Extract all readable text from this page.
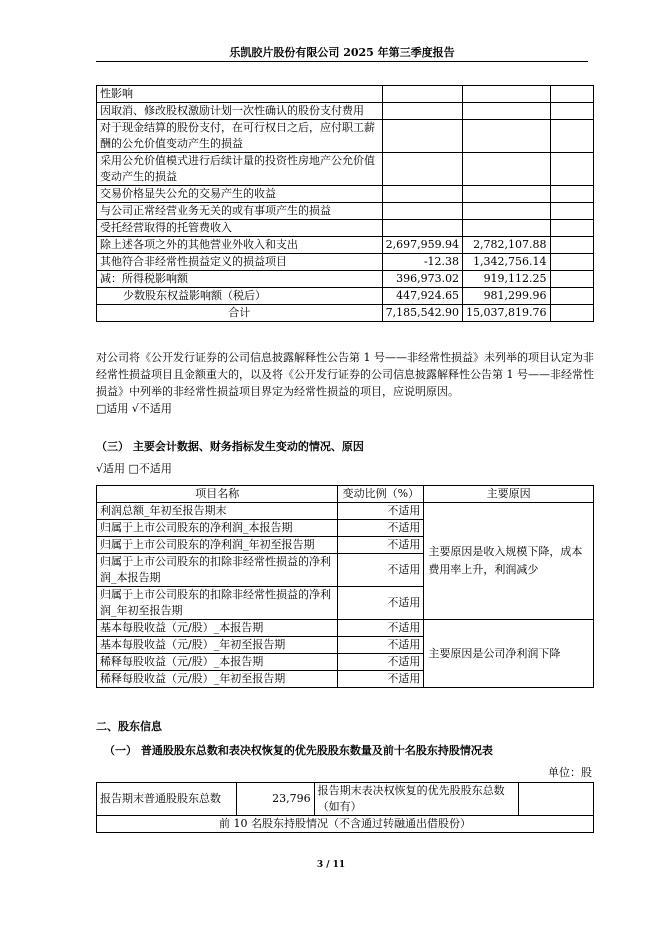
乐凯胶片股份有限公司 2025 年第三季度报告
性影响			
因取消、修改股权激励计划一次性确认的股份支付费用			
对于现金结算的股份支付，在可行权日之后，应付职工薪酬的公允价值变动产生的损益			
采用公允价值模式进行后续计量的投资性房地产公允价值变动产生的损益			
交易价格显失公允的交易产生的收益			
与公司正常经营业务无关的或有事项产生的损益			
受托经营取得的托管费收入			
除上述各项之外的其他营业外收入和支出	2,697,959.94	2,782,107.88	
其他符合非经常性损益定义的损益项目	-12.38	1,342,756.14	
减：所得税影响额	396,973.02	919,112.25	
少数股东权益影响额（税后）	447,924.65	981,299.96	
合计	7,185,542.90	15,037,819.76	
对公司将《公开发行证券的公司信息披露解释性公告第 1 号——非经常性损益》未列举的项目认定为非经常性损益项目且金额重大的，以及将《公开发行证券的公司信息披露解释性公告第 1 号——非经常性损益》中列举的非经常性损益项目界定为经常性损益的项目，应说明原因。
□适用 √不适用
（三） 主要会计数据、财务指标发生变动的情况、原因
√适用 □不适用
项目名称	变动比例（%）	主要原因
利润总额_年初至报告期末	不适用	主要原因是收入规模下降，成本费用率上升，利润减少
归属于上市公司股东的净利润_本报告期	不适用	
归属于上市公司股东的净利润_年初至报告期	不适用	
归属于上市公司股东的扣除非经常性损益的净利润_本报告期	不适用	
归属于上市公司股东的扣除非经常性损益的净利润_年初至报告期	不适用	
基本每股收益（元/股）_本报告期	不适用	主要原因是公司净利润下降
基本每股收益（元/股）_年初至报告期	不适用	
稀释每股收益（元/股）_本报告期	不适用	
稀释每股收益（元/股）_年初至报告期	不适用	
二、股东信息
（一） 普通股股东总数和表决权恢复的优先股股东数量及前十名股东持股情况表
单位：股
报告期末普通股股东总数	23,796	报告期末表决权恢复的优先股股东总数（如有）	
前 10 名股东持股情况（不含通过转融通出借股份）
3 / 11
